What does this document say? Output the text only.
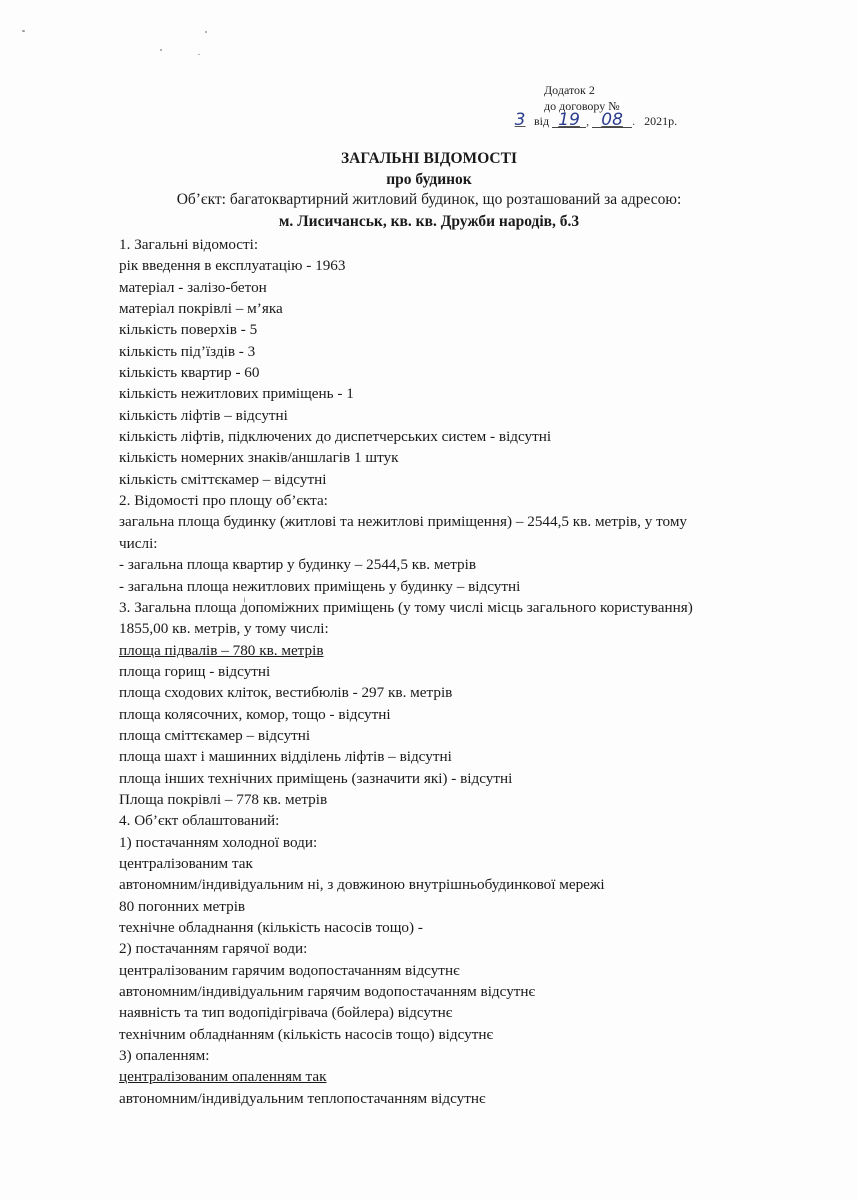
Додаток 2
до договору №
3 від 19 , 08 . 2021р.
ЗАГАЛЬНІ ВІДОМОСТІ
про будинок
Об’єкт: багатоквартирний житловий будинок, що розташований за адресою:
м. Лисичанськ, кв. кв. Дружби народів, б.3
1. Загальні відомості:
рік введення в експлуатацію - 1963
матеріал - залізо-бетон
матеріал покрівлі – м’яка
кількість поверхів - 5
кількість під’їздів - 3
кількість квартир - 60
кількість нежитлових приміщень - 1
кількість ліфтів – відсутні
кількість ліфтів, підключених до диспетчерських систем - відсутні
кількість номерних знаків/аншлагів 1 штук
кількість сміттєкамер – відсутні
2. Відомості про площу об’єкта:
загальна площа будинку (житлові та нежитлові приміщення) – 2544,5 кв. метрів, у тому
числі:
- загальна площа квартир у будинку – 2544,5 кв. метрів
- загальна площа нежитлових приміщень у будинку – відсутні
3. Загальна площа допоміжних приміщень (у тому числі місць загального користування)
1855,00 кв. метрів, у тому числі:
площа підвалів – 780 кв. метрів
площа горищ - відсутні
площа сходових кліток, вестибюлів - 297 кв. метрів
площа колясочних, комор, тощо - відсутні
площа сміттєкамер – відсутні
площа шахт і машинних відділень ліфтів – відсутні
площа інших технічних приміщень (зазначити які) - відсутні
Площа покрівлі – 778 кв. метрів
4. Об’єкт облаштований:
1) постачанням холодної води:
централізованим так
автономним/індивідуальним ні, з довжиною внутрішньобудинкової мережі
80 погонних метрів
технічне обладнання (кількість насосів тощо) -
2) постачанням гарячої води:
централізованим гарячим водопостачанням відсутнє
автономним/індивідуальним гарячим водопостачанням відсутнє
наявність та тип водопідігрівача (бойлера) відсутнє
технічним обладнанням (кількість насосів тощо) відсутнє
3) опаленням:
централізованим опаленням так
автономним/індивідуальним теплопостачанням відсутнє
